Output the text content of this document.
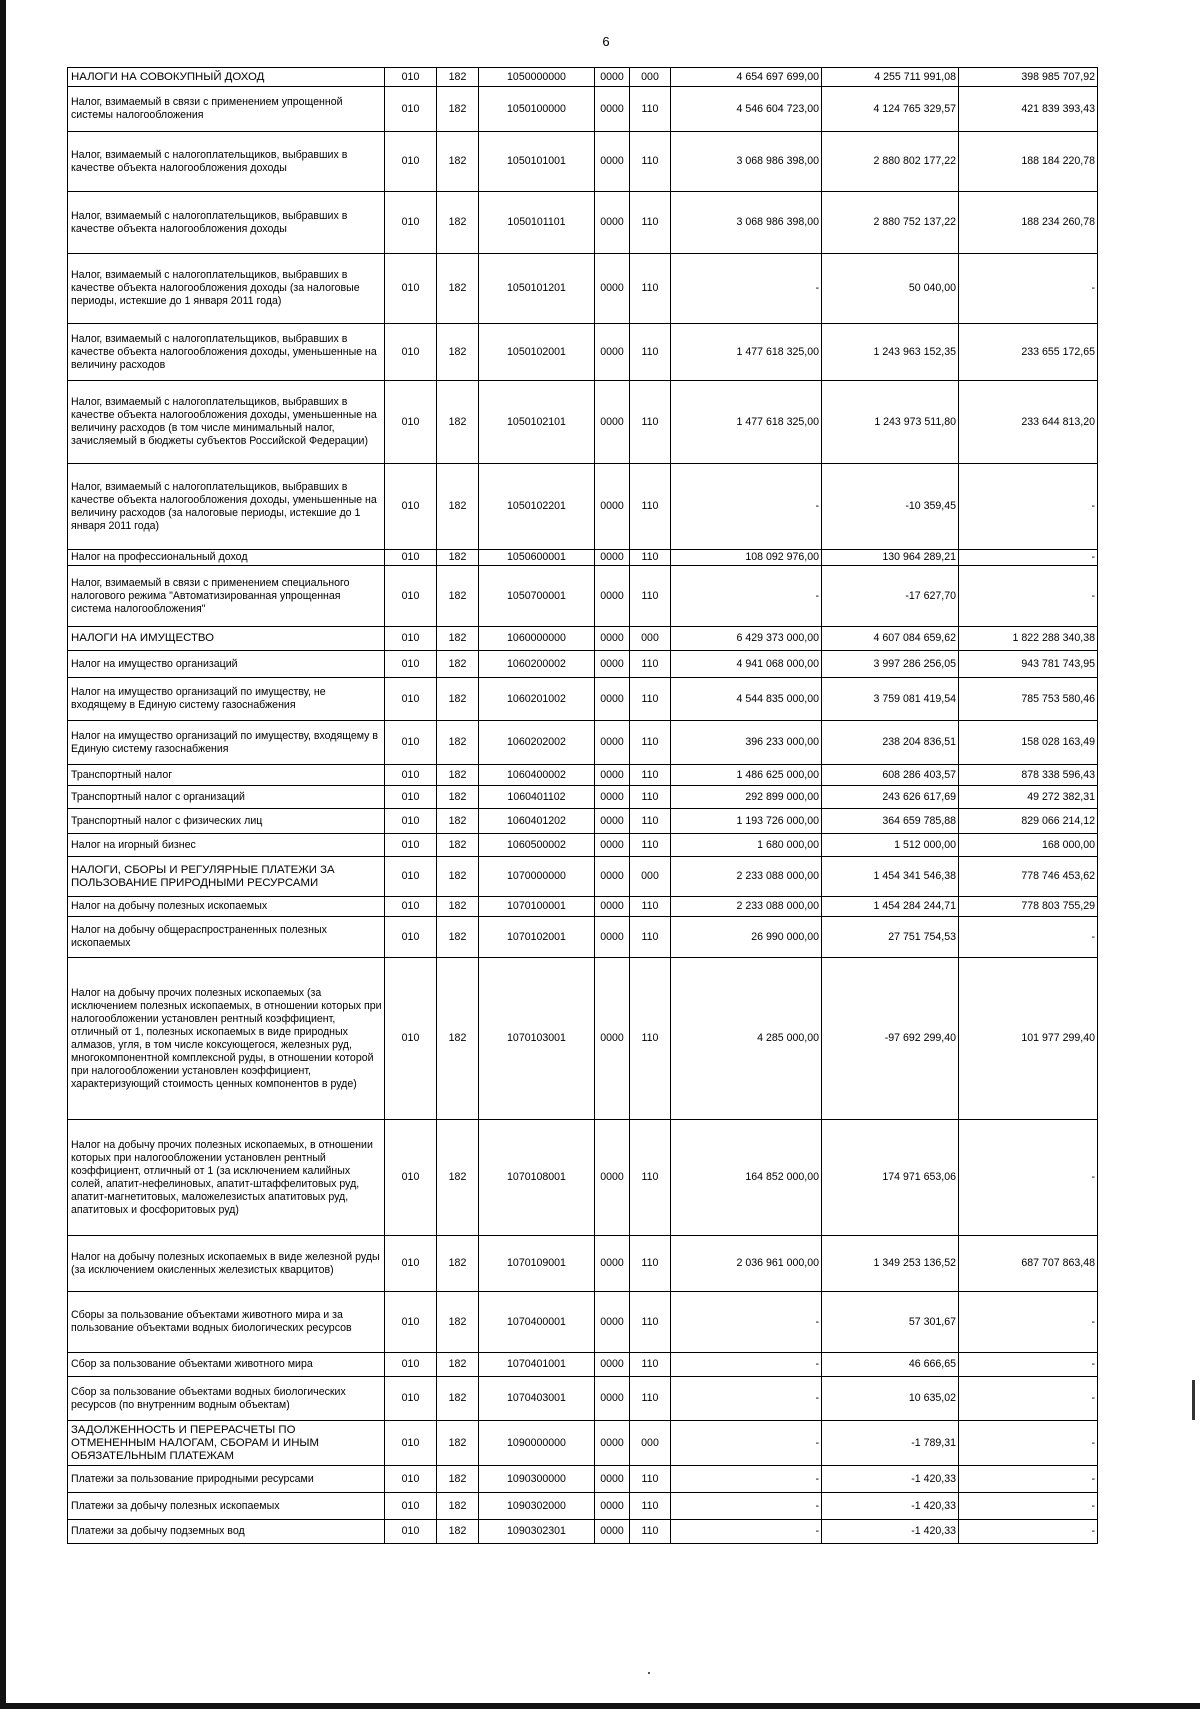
6
НАЛОГИ НА СОВОКУПНЫЙ ДОХОД	010	182	1050000000	0000	000	4 654 697 699,00	4 255 711 991,08	398 985 707,92
Налог, взимаемый в связи с применением упрощенной системы налогообложения	010	182	1050100000	0000	110	4 546 604 723,00	4 124 765 329,57	421 839 393,43
Налог, взимаемый с налогоплательщиков, выбравших в качестве объекта налогообложения доходы	010	182	1050101001	0000	110	3 068 986 398,00	2 880 802 177,22	188 184 220,78
Налог, взимаемый с налогоплательщиков, выбравших в качестве объекта налогообложения доходы	010	182	1050101101	0000	110	3 068 986 398,00	2 880 752 137,22	188 234 260,78
Налог, взимаемый с налогоплательщиков, выбравших в качестве объекта налогообложения доходы (за налоговые периоды, истекшие до 1 января 2011 года)	010	182	1050101201	0000	110	-	50 040,00	-
Налог, взимаемый с налогоплательщиков, выбравших в качестве объекта налогообложения доходы, уменьшенные на величину расходов	010	182	1050102001	0000	110	1 477 618 325,00	1 243 963 152,35	233 655 172,65
Налог, взимаемый с налогоплательщиков, выбравших в качестве объекта налогообложения доходы, уменьшенные на величину расходов (в том числе минимальный налог, зачисляемый в бюджеты субъектов Российской Федерации)	010	182	1050102101	0000	110	1 477 618 325,00	1 243 973 511,80	233 644 813,20
Налог, взимаемый с налогоплательщиков, выбравших в качестве объекта налогообложения доходы, уменьшенные на величину расходов (за налоговые периоды, истекшие до 1 января 2011 года)	010	182	1050102201	0000	110	-	-10 359,45	-
Налог на профессиональный доход	010	182	1050600001	0000	110	108 092 976,00	130 964 289,21	-
Налог, взимаемый в связи с применением специального налогового режима "Автоматизированная упрощенная система налогообложения"	010	182	1050700001	0000	110	-	-17 627,70	-
НАЛОГИ НА ИМУЩЕСТВО	010	182	1060000000	0000	000	6 429 373 000,00	4 607 084 659,62	1 822 288 340,38
Налог на имущество организаций	010	182	1060200002	0000	110	4 941 068 000,00	3 997 286 256,05	943 781 743,95
Налог на имущество организаций по имуществу, не входящему в Единую систему газоснабжения	010	182	1060201002	0000	110	4 544 835 000,00	3 759 081 419,54	785 753 580,46
Налог на имущество организаций по имуществу, входящему в Единую систему газоснабжения	010	182	1060202002	0000	110	396 233 000,00	238 204 836,51	158 028 163,49
Транспортный налог	010	182	1060400002	0000	110	1 486 625 000,00	608 286 403,57	878 338 596,43
Транспортный налог с организаций	010	182	1060401102	0000	110	292 899 000,00	243 626 617,69	49 272 382,31
Транспортный налог с физических лиц	010	182	1060401202	0000	110	1 193 726 000,00	364 659 785,88	829 066 214,12
Налог на игорный бизнес	010	182	1060500002	0000	110	1 680 000,00	1 512 000,00	168 000,00
НАЛОГИ, СБОРЫ И РЕГУЛЯРНЫЕ ПЛАТЕЖИ ЗА ПОЛЬЗОВАНИЕ ПРИРОДНЫМИ РЕСУРСАМИ	010	182	1070000000	0000	000	2 233 088 000,00	1 454 341 546,38	778 746 453,62
Налог на добычу полезных ископаемых	010	182	1070100001	0000	110	2 233 088 000,00	1 454 284 244,71	778 803 755,29
Налог на добычу общераспространенных полезных ископаемых	010	182	1070102001	0000	110	26 990 000,00	27 751 754,53	-
Налог на добычу прочих полезных ископаемых (за исключением полезных ископаемых, в отношении которых при налогообложении установлен рентный коэффициент, отличный от 1, полезных ископаемых в виде природных алмазов, угля, в том числе коксующегося, железных руд, многокомпонентной комплексной руды, в отношении которой при налогообложении установлен коэффициент, характеризующий стоимость ценных компонентов в руде)	010	182	1070103001	0000	110	4 285 000,00	-97 692 299,40	101 977 299,40
Налог на добычу прочих полезных ископаемых, в отношении которых при налогообложении установлен рентный коэффициент, отличный от 1 (за исключением калийных солей, апатит-нефелиновых, апатит-штаффелитовых руд, апатит-магнетитовых, маложелезистых апатитовых руд, апатитовых и фосфоритовых руд)	010	182	1070108001	0000	110	164 852 000,00	174 971 653,06	-
Налог на добычу полезных ископаемых в виде железной руды (за исключением окисленных железистых кварцитов)	010	182	1070109001	0000	110	2 036 961 000,00	1 349 253 136,52	687 707 863,48
Сборы за пользование объектами животного мира и за пользование объектами водных биологических ресурсов	010	182	1070400001	0000	110	-	57 301,67	-
Сбор за пользование объектами животного мира	010	182	1070401001	0000	110	-	46 666,65	-
Сбор за пользование объектами водных биологических ресурсов (по внутренним водным объектам)	010	182	1070403001	0000	110	-	10 635,02	-
ЗАДОЛЖЕННОСТЬ И ПЕРЕРАСЧЕТЫ ПО ОТМЕНЕННЫМ НАЛОГАМ, СБОРАМ И ИНЫМ ОБЯЗАТЕЛЬНЫМ ПЛАТЕЖАМ	010	182	1090000000	0000	000	-	-1 789,31	-
Платежи за пользование природными ресурсами	010	182	1090300000	0000	110	-	-1 420,33	-
Платежи за добычу полезных ископаемых	010	182	1090302000	0000	110	-	-1 420,33	-
Платежи за добычу подземных вод	010	182	1090302301	0000	110	-	-1 420,33	-
